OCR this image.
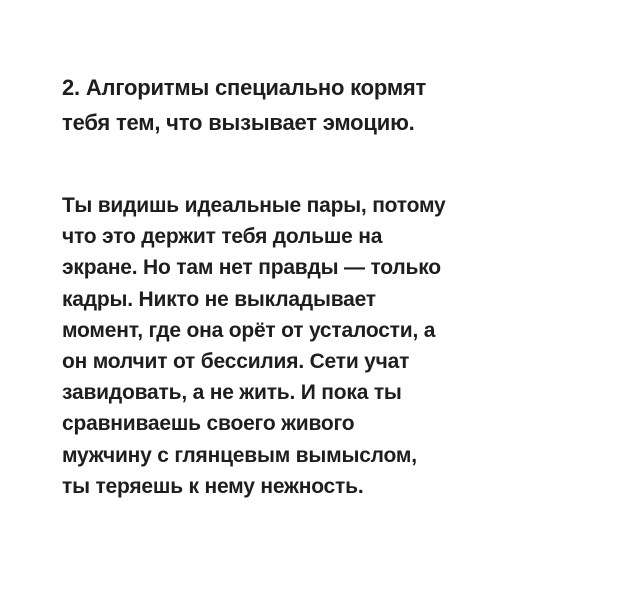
2. Алгоритмы специально кормят
тебя тем, что вызывает эмоцию.

Ты видишь идеальные пары, потому
что это держит тебя дольше на
экране. Но там нет правды — только
кадры. Никто не выкладывает
момент, где она орёт от усталости, а
он молчит от бессилия. Сети учат
завидовать, а не жить. И пока ты
сравниваешь своего живого
мужчину с глянцевым вымыслом,
ты теряешь к нему нежность.
